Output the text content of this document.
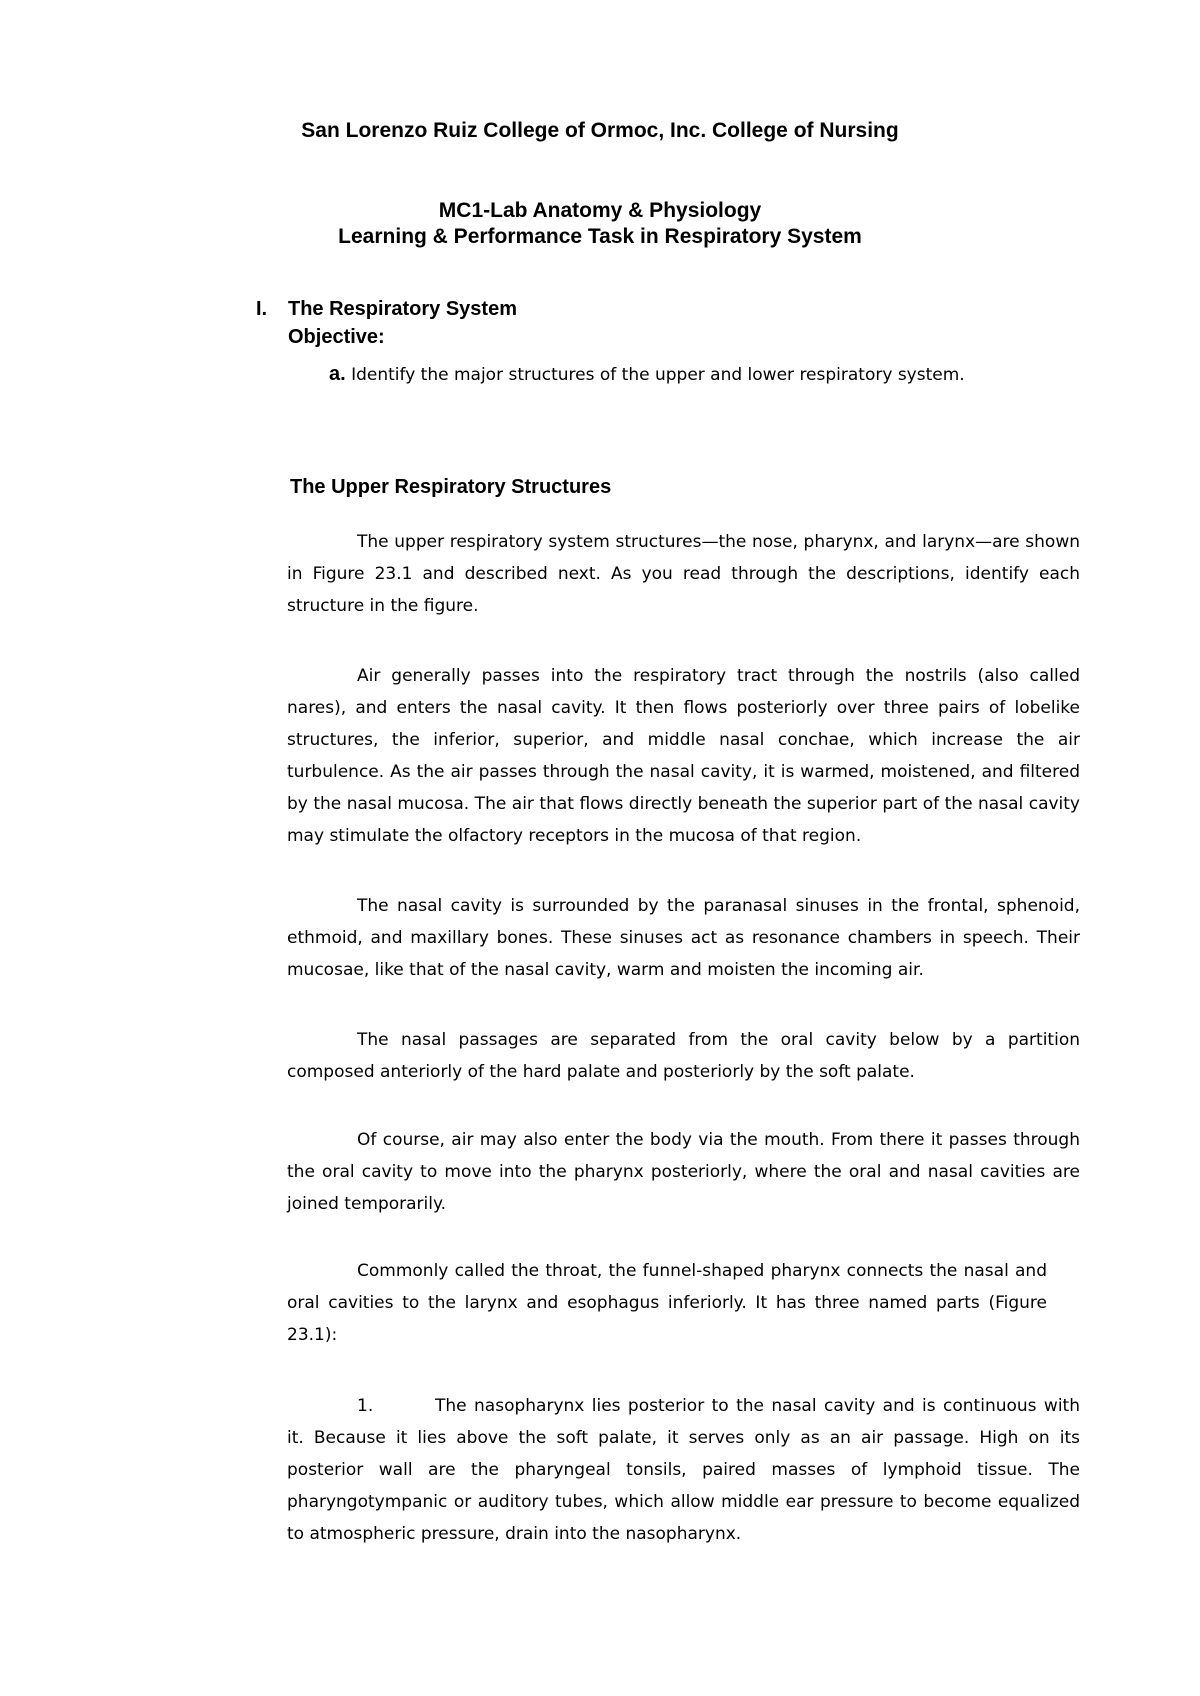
San Lorenzo Ruiz College of Ormoc, Inc. College of Nursing
MC1-Lab Anatomy & Physiology
Learning & Performance Task in Respiratory System
I. The Respiratory System
Objective:
a. Identify the major structures of the upper and lower respiratory system.
The Upper Respiratory Structures

The upper respiratory system structures—the nose, pharynx, and larynx—are shown in Figure 23.1 and described next. As you read through the descriptions, identify each structure in the figure.

Air generally passes into the respiratory tract through the nostrils (also called nares), and enters the nasal cavity. It then flows posteriorly over three pairs of lobelike structures, the inferior, superior, and middle nasal conchae, which increase the air turbulence. As the air passes through the nasal cavity, it is warmed, moistened, and filtered by the nasal mucosa. The air that flows directly beneath the superior part of the nasal cavity may stimulate the olfactory receptors in the mucosa of that region.

The nasal cavity is surrounded by the paranasal sinuses in the frontal, sphenoid, ethmoid, and maxillary bones. These sinuses act as resonance chambers in speech. Their mucosae, like that of the nasal cavity, warm and moisten the incoming air.

The nasal passages are separated from the oral cavity below by a partition composed anteriorly of the hard palate and posteriorly by the soft palate.

Of course, air may also enter the body via the mouth. From there it passes through the oral cavity to move into the pharynx posteriorly, where the oral and nasal cavities are joined temporarily.

Commonly called the throat, the funnel-shaped pharynx connects the nasal and oral cavities to the larynx and esophagus inferiorly. It has three named parts (Figure 23.1):

1.	The nasopharynx lies posterior to the nasal cavity and is continuous with it. Because it lies above the soft palate, it serves only as an air passage. High on its posterior wall are the pharyngeal tonsils, paired masses of lymphoid tissue. The pharyngotympanic or auditory tubes, which allow middle ear pressure to become equalized to atmospheric pressure, drain into the nasopharynx.
